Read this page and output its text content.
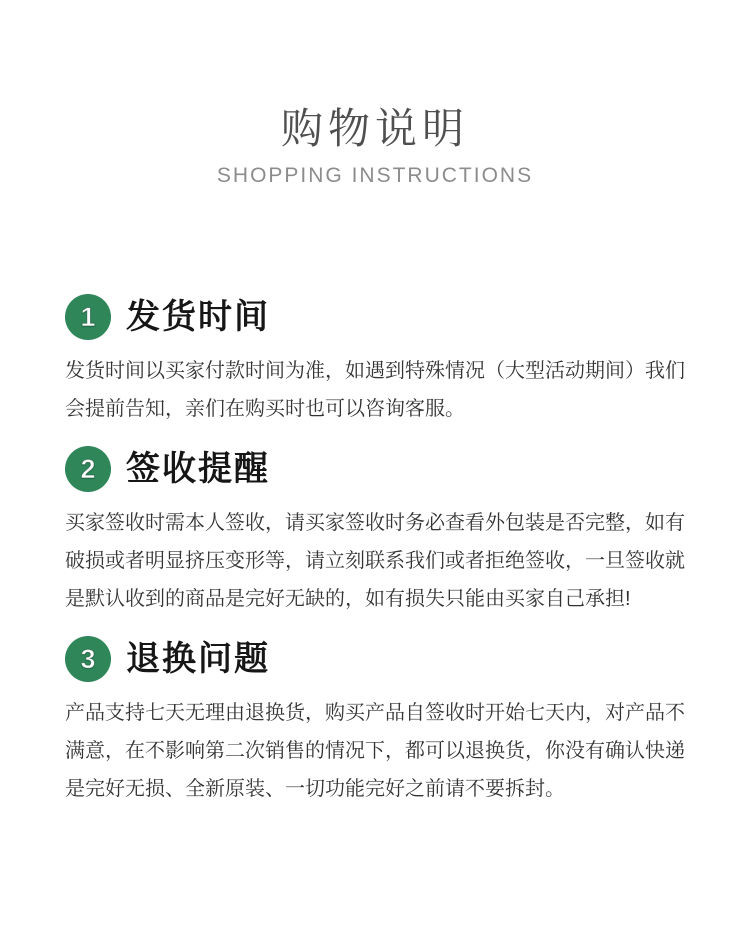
购物说明
SHOPPING INSTRUCTIONS
1 发货时间

发货时间以买家付款时间为准，如遇到特殊情况（大型活动期间）我们会提前告知，亲们在购买时也可以咨询客服。

2 签收提醒

买家签收时需本人签收，请买家签收时务必查看外包装是否完整，如有破损或者明显挤压变形等，请立刻联系我们或者拒绝签收，一旦签收就是默认收到的商品是完好无缺的，如有损失只能由买家自己承担!

3 退换问题

产品支持七天无理由退换货，购买产品自签收时开始七天内，对产品不满意，在不影响第二次销售的情况下，都可以退换货，你没有确认快递是完好无损、全新原装、一切功能完好之前请不要拆封。
